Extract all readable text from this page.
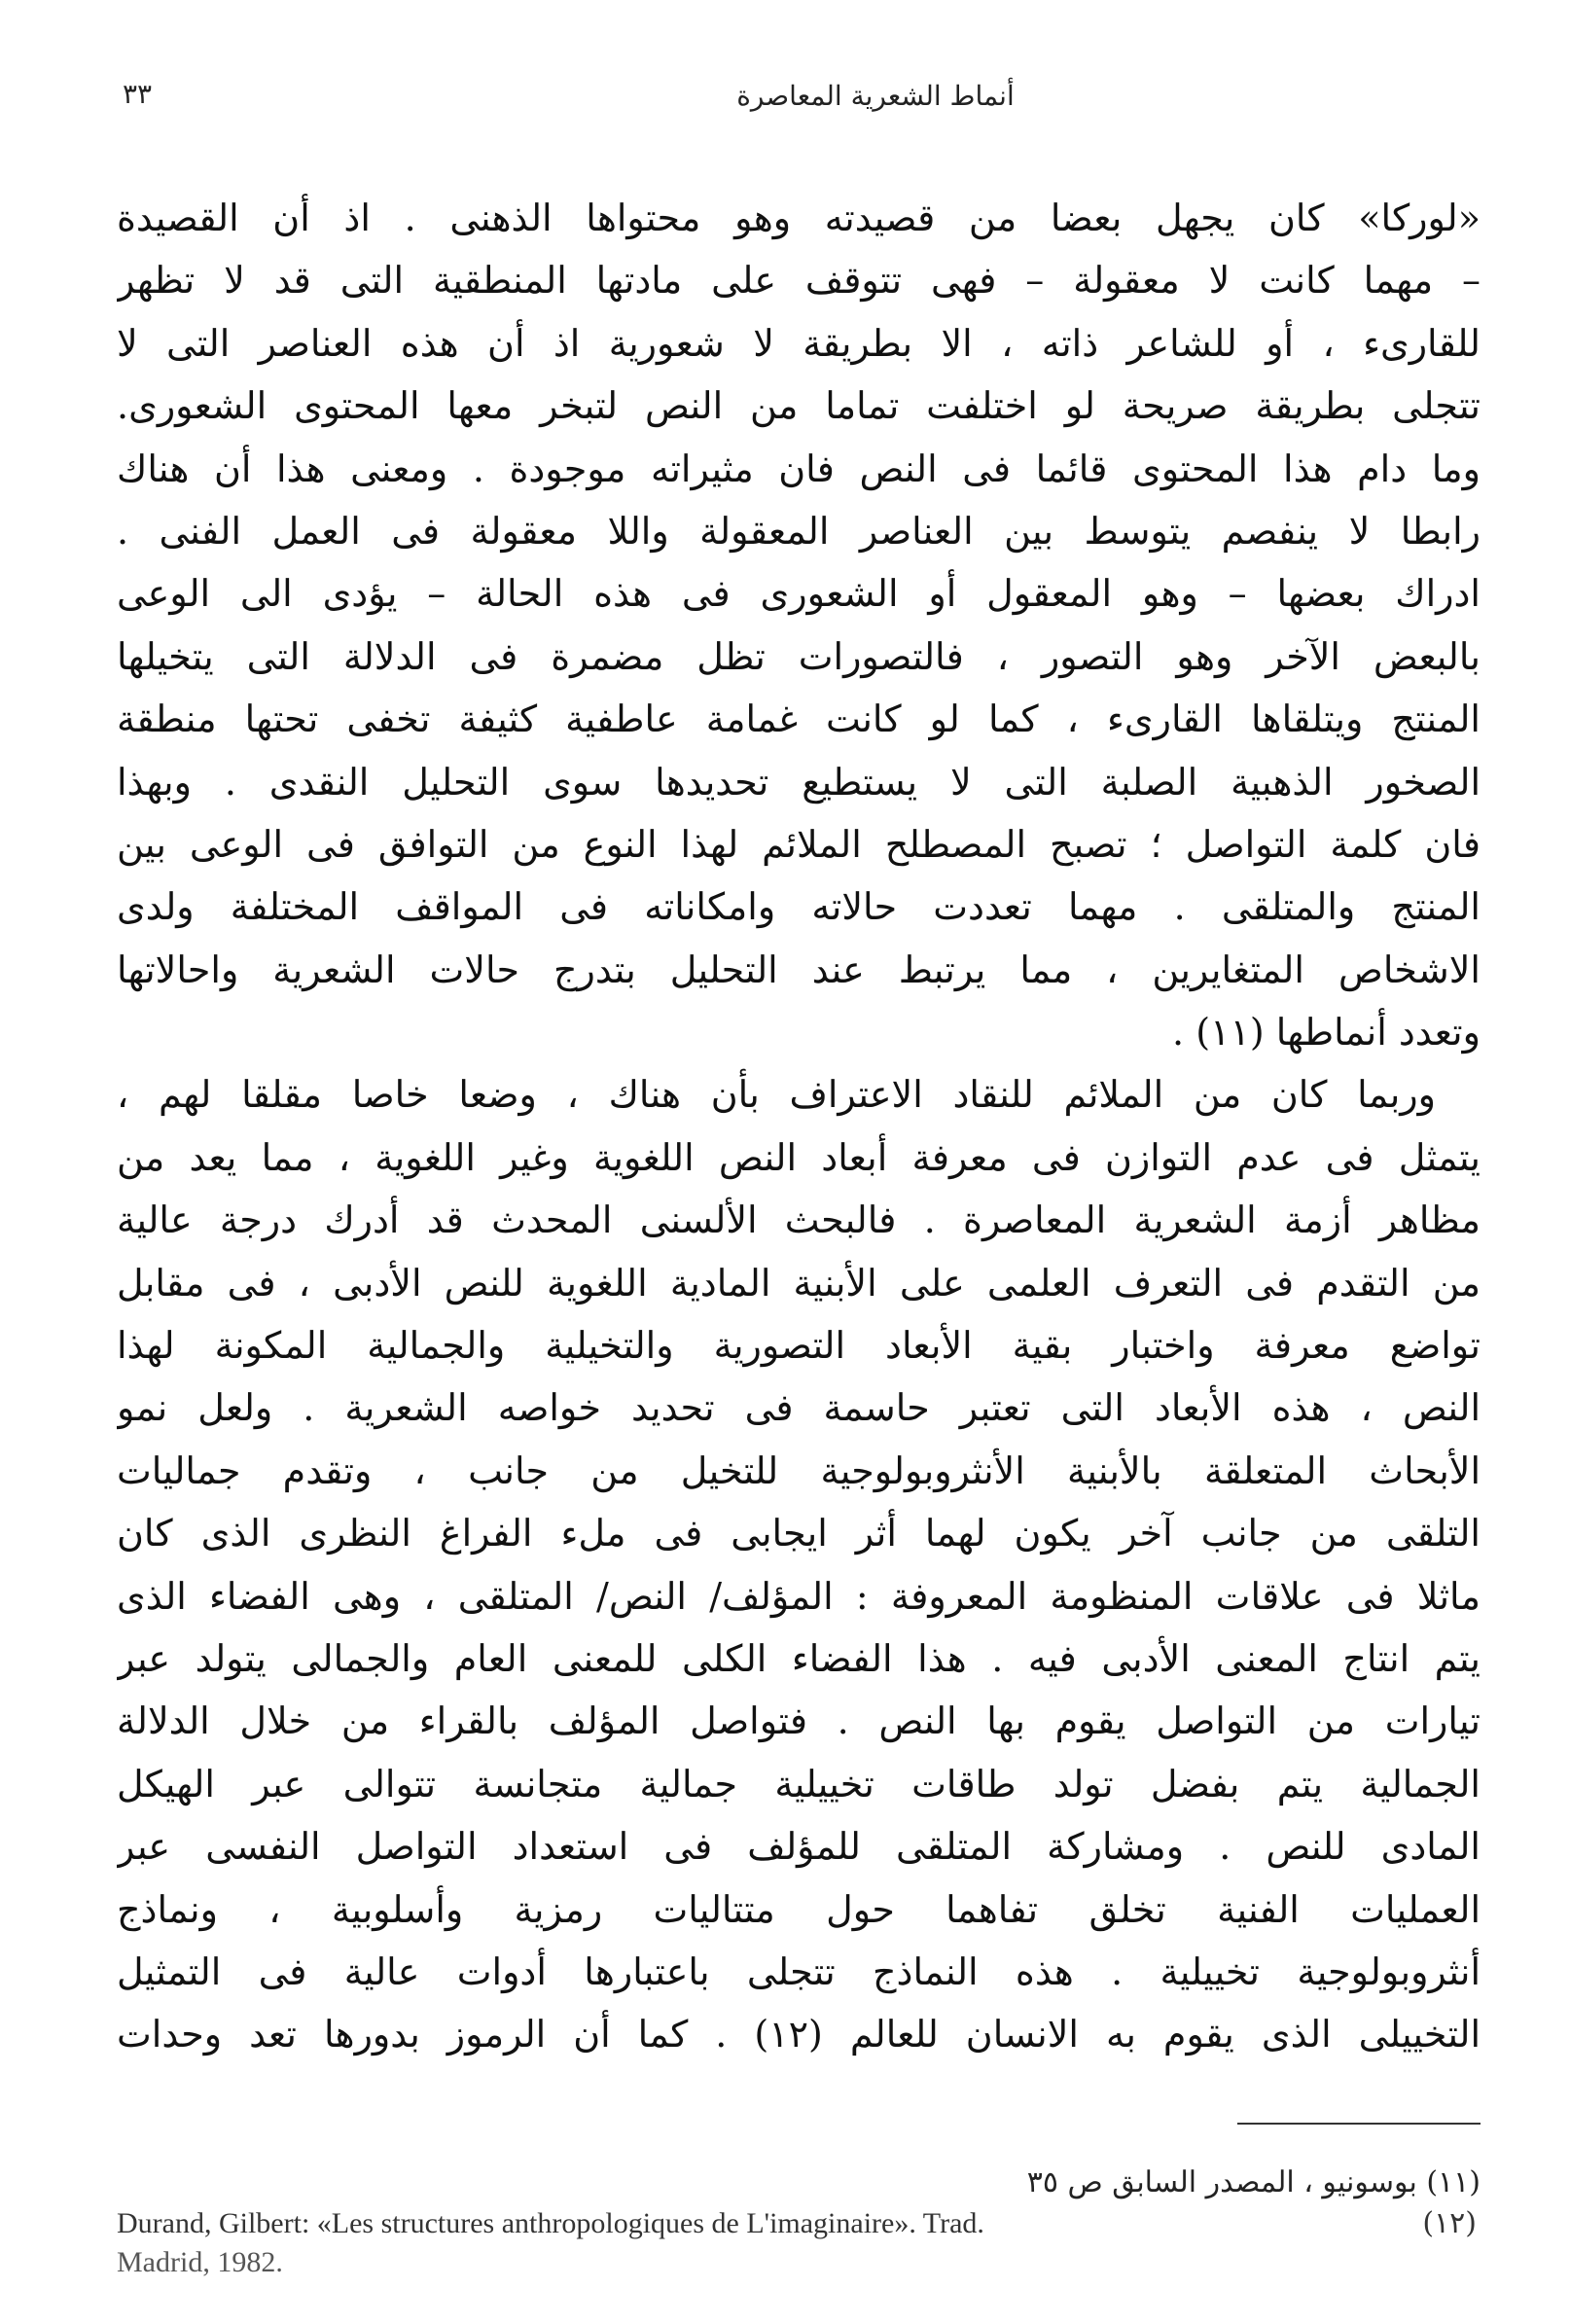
٣٣	أنماط الشعرية المعاصرة
«لوركا» كان يجهل بعضا من قصيدته وهو محتواها الذهنى . اذ أن القصيدة
– مهما كانت لا معقولة – فهى تتوقف على مادتها المنطقية التى قد لا تظهر
للقارىء ، أو للشاعر ذاته ، الا بطريقة لا شعورية اذ أن هذه العناصر التى لا
تتجلى بطريقة صريحة لو اختلفت تماما من النص لتبخر معها المحتوى الشعورى.
وما دام هذا المحتوى قائما فى النص فان مثيراته موجودة . ومعنى هذا أن هناك
رابطا لا ينفصم يتوسط بين العناصر المعقولة واللا معقولة فى العمل الفنى .
ادراك بعضها – وهو المعقول أو الشعورى فى هذه الحالة – يؤدى الى الوعى
بالبعض الآخر وهو التصور ، فالتصورات تظل مضمرة فى الدلالة التى يتخيلها
المنتج ويتلقاها القارىء ، كما لو كانت غمامة عاطفية كثيفة تخفى تحتها منطقة
الصخور الذهبية الصلبة التى لا يستطيع تحديدها سوى التحليل النقدى . وبهذا
فان كلمة التواصل ؛ تصبح المصطلح الملائم لهذا النوع من التوافق فى الوعى بين
المنتج والمتلقى . مهما تعددت حالاته وامكاناته فى المواقف المختلفة ولدى
الاشخاص المتغايرين ، مما يرتبط عند التحليل بتدرج حالات الشعرية واحالاتها
وتعدد أنماطها (١١) .
وربما كان من الملائم للنقاد الاعتراف بأن هناك ، وضعا خاصا مقلقا لهم ،
يتمثل فى عدم التوازن فى معرفة أبعاد النص اللغوية وغير اللغوية ، مما يعد من
مظاهر أزمة الشعرية المعاصرة . فالبحث الألسنى المحدث قد أدرك درجة عالية
من التقدم فى التعرف العلمى على الأبنية المادية اللغوية للنص الأدبى ، فى مقابل
تواضع معرفة واختبار بقية الأبعاد التصورية والتخيلية والجمالية المكونة لهذا
النص ، هذه الأبعاد التى تعتبر حاسمة فى تحديد خواصه الشعرية . ولعل نمو
الأبحاث المتعلقة بالأبنية الأنثروبولوجية للتخيل من جانب ، وتقدم جماليات
التلقى من جانب آخر يكون لهما أثر ايجابى فى ملء الفراغ النظرى الذى كان
ماثلا فى علاقات المنظومة المعروفة : المؤلف/ النص/ المتلقى ، وهى الفضاء الذى
يتم انتاج المعنى الأدبى فيه . هذا الفضاء الكلى للمعنى العام والجمالى يتولد عبر
تيارات من التواصل يقوم بها النص . فتواصل المؤلف بالقراء من خلال الدلالة
الجمالية يتم بفضل تولد طاقات تخييلية جمالية متجانسة تتوالى عبر الهيكل
المادى للنص . ومشاركة المتلقى للمؤلف فى استعداد التواصل النفسى عبر
العمليات الفنية تخلق تفاهما حول متتاليات رمزية وأسلوبية ، ونماذج
أنثروبولوجية تخييلية . هذه النماذج تتجلى باعتبارها أدوات عالية فى التمثيل
التخييلى الذى يقوم به الانسان للعالم (١٢) . كما أن الرموز بدورها تعد وحدات
(١١) بوسونيو ، المصدر السابق ص ٣٥
Durand, Gilbert: «Les structures anthropologiques de L'imaginaire». Trad.	(١٢)
Madrid, 1982.
